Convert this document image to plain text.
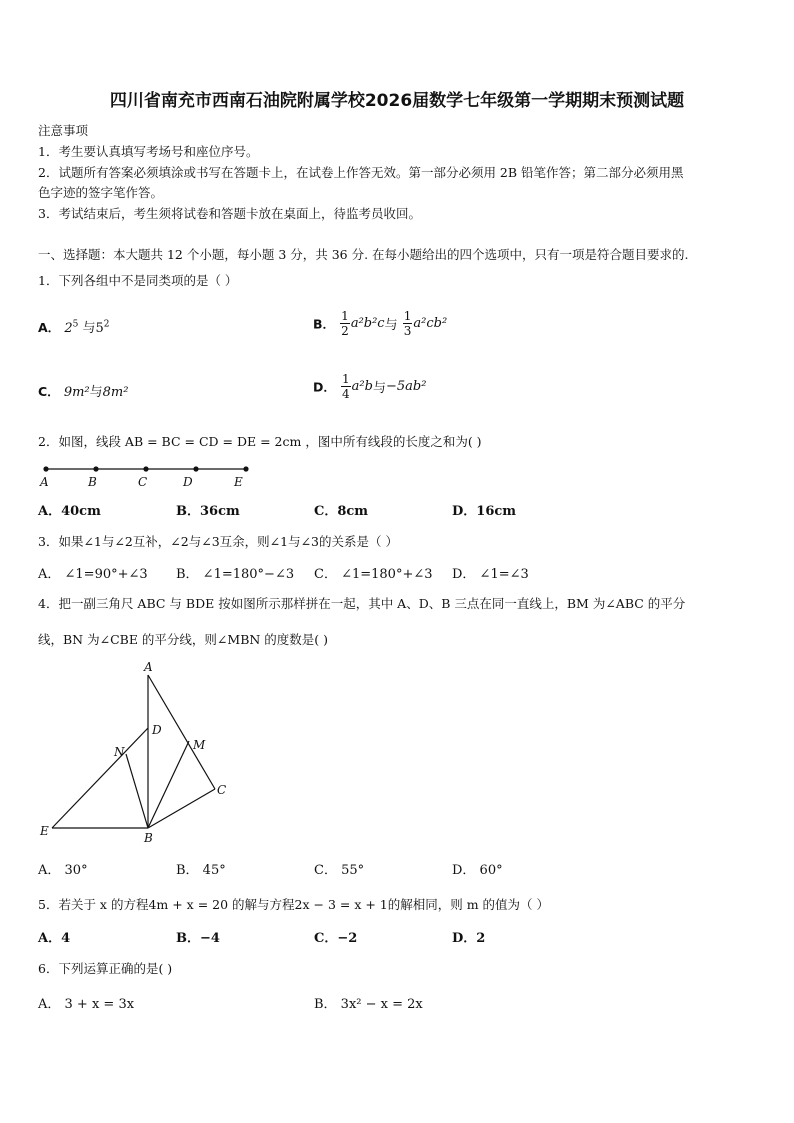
四川省南充市西南石油院附属学校2026届数学七年级第一学期期末预测试题
注意事项
1．考生要认真填写考场号和座位序号。
2．试题所有答案必须填涂或书写在答题卡上，在试卷上作答无效。第一部分必须用 2B 铅笔作答；第二部分必须用黑
色字迹的签字笔作答。
3．考试结束后，考生须将试卷和答题卡放在桌面上，待监考员收回。
一、选择题：本大题共 12 个小题，每小题 3 分，共 36 分. 在每小题给出的四个选项中，只有一项是符合题目要求的.
1．下列各组中不是同类项的是（ ）
A． $2^5$ 与$5^2$	B． $\frac{1}{2} a^2b^2c$与 $\frac{1}{3} a^2cb^2$
C． 9m²与8m²	D． $\frac{1}{4} a^2b$与−5ab²
2．如图，线段 AB = BC = CD = DE = 2cm ，图中所有线段的长度之和为( )
A	B	C	D	E
A．40cm	B．36cm	C．8cm	D．16cm
3．如果∠1与∠2互补，∠2与∠3互余，则∠1与∠3的关系是（ ）
A． ∠1=90°+∠3 B． ∠1=180°−∠3 C． ∠1=180°+∠3 D． ∠1=∠3
4．把一副三角尺 ABC 与 BDE 按如图所示那样拼在一起，其中 A、D、B 三点在同一直线上，BM 为∠ABC 的平分
线，BN 为∠CBE 的平分线，则∠MBN 的度数是( )
A
D
N	M
C
E	B
A． 30°	B． 45°	C． 55°	D． 60°
5．若关于 x 的方程4m + x = 20 的解与方程2x − 3 = x + 1的解相同，则 m 的值为（ ）
A．4	B．−4	C．−2	D．2
6．下列运算正确的是( )
A． 3 + x = 3x	B． 3x² − x = 2x
